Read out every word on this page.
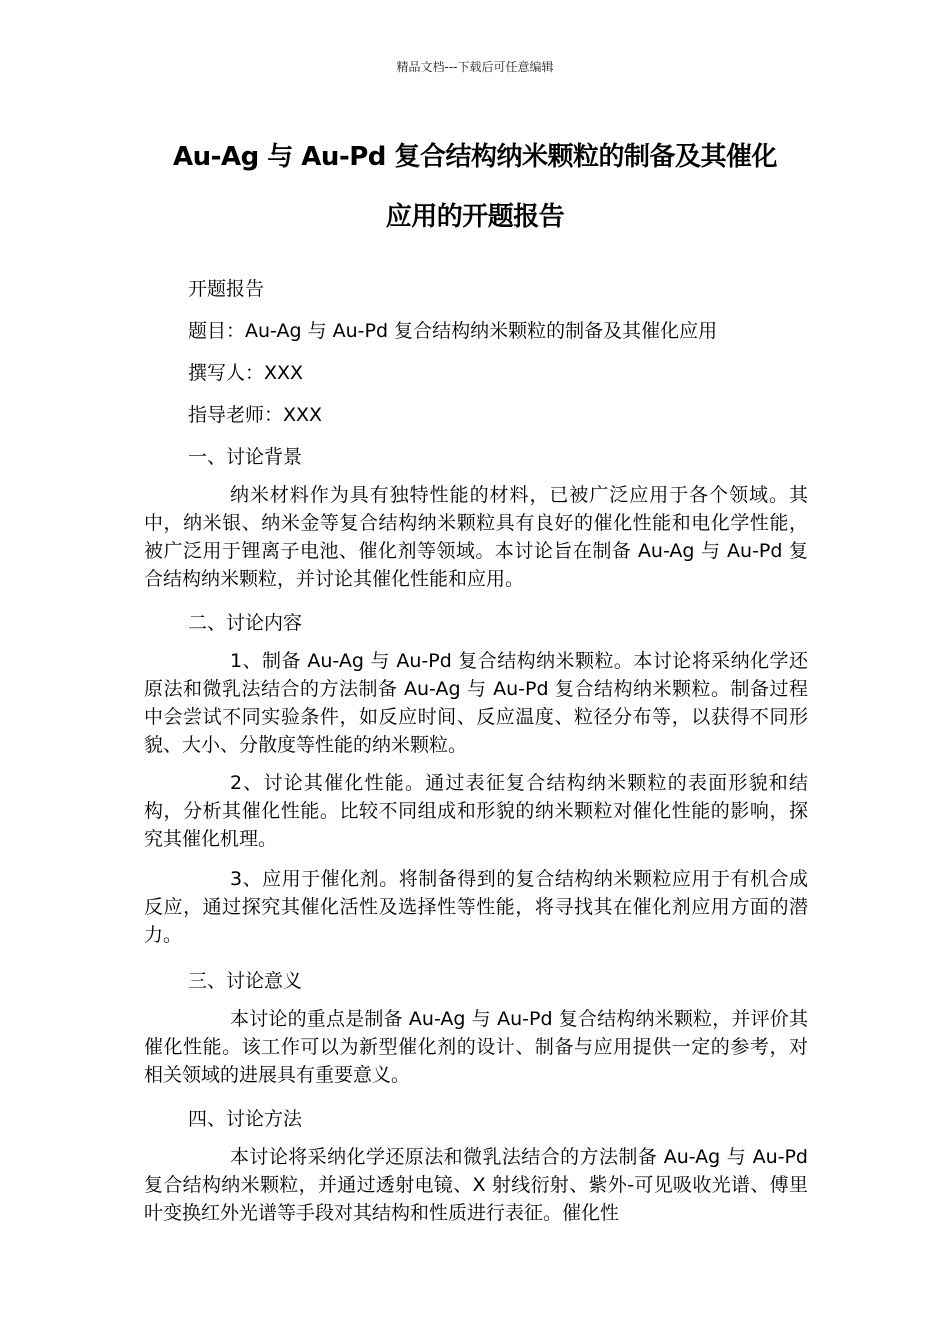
精品文档---下载后可任意编辑
Au-Ag 与 Au-Pd 复合结构纳米颗粒的制备及其催化
应用的开题报告
开题报告
题目：Au-Ag 与 Au-Pd 复合结构纳米颗粒的制备及其催化应用
撰写人：XXX
指导老师：XXX
一、讨论背景

纳米材料作为具有独特性能的材料，已被广泛应用于各个领域。其中，纳米银、纳米金等复合结构纳米颗粒具有良好的催化性能和电化学性能，被广泛用于锂离子电池、催化剂等领域。本讨论旨在制备 Au-Ag 与 Au-Pd 复合结构纳米颗粒，并讨论其催化性能和应用。

二、讨论内容

1、制备 Au-Ag 与 Au-Pd 复合结构纳米颗粒。本讨论将采纳化学还原法和微乳法结合的方法制备 Au-Ag 与 Au-Pd 复合结构纳米颗粒。制备过程中会尝试不同实验条件，如反应时间、反应温度、粒径分布等，以获得不同形貌、大小、分散度等性能的纳米颗粒。

2、讨论其催化性能。通过表征复合结构纳米颗粒的表面形貌和结构，分析其催化性能。比较不同组成和形貌的纳米颗粒对催化性能的影响，探究其催化机理。

3、应用于催化剂。将制备得到的复合结构纳米颗粒应用于有机合成反应，通过探究其催化活性及选择性等性能，将寻找其在催化剂应用方面的潜力。

三、讨论意义

本讨论的重点是制备 Au-Ag 与 Au-Pd 复合结构纳米颗粒，并评价其催化性能。该工作可以为新型催化剂的设计、制备与应用提供一定的参考，对相关领域的进展具有重要意义。

四、讨论方法

本讨论将采纳化学还原法和微乳法结合的方法制备 Au-Ag 与 Au-Pd 复合结构纳米颗粒，并通过透射电镜、X 射线衍射、紫外-可见吸收光谱、傅里叶变换红外光谱等手段对其结构和性质进行表征。催化性
